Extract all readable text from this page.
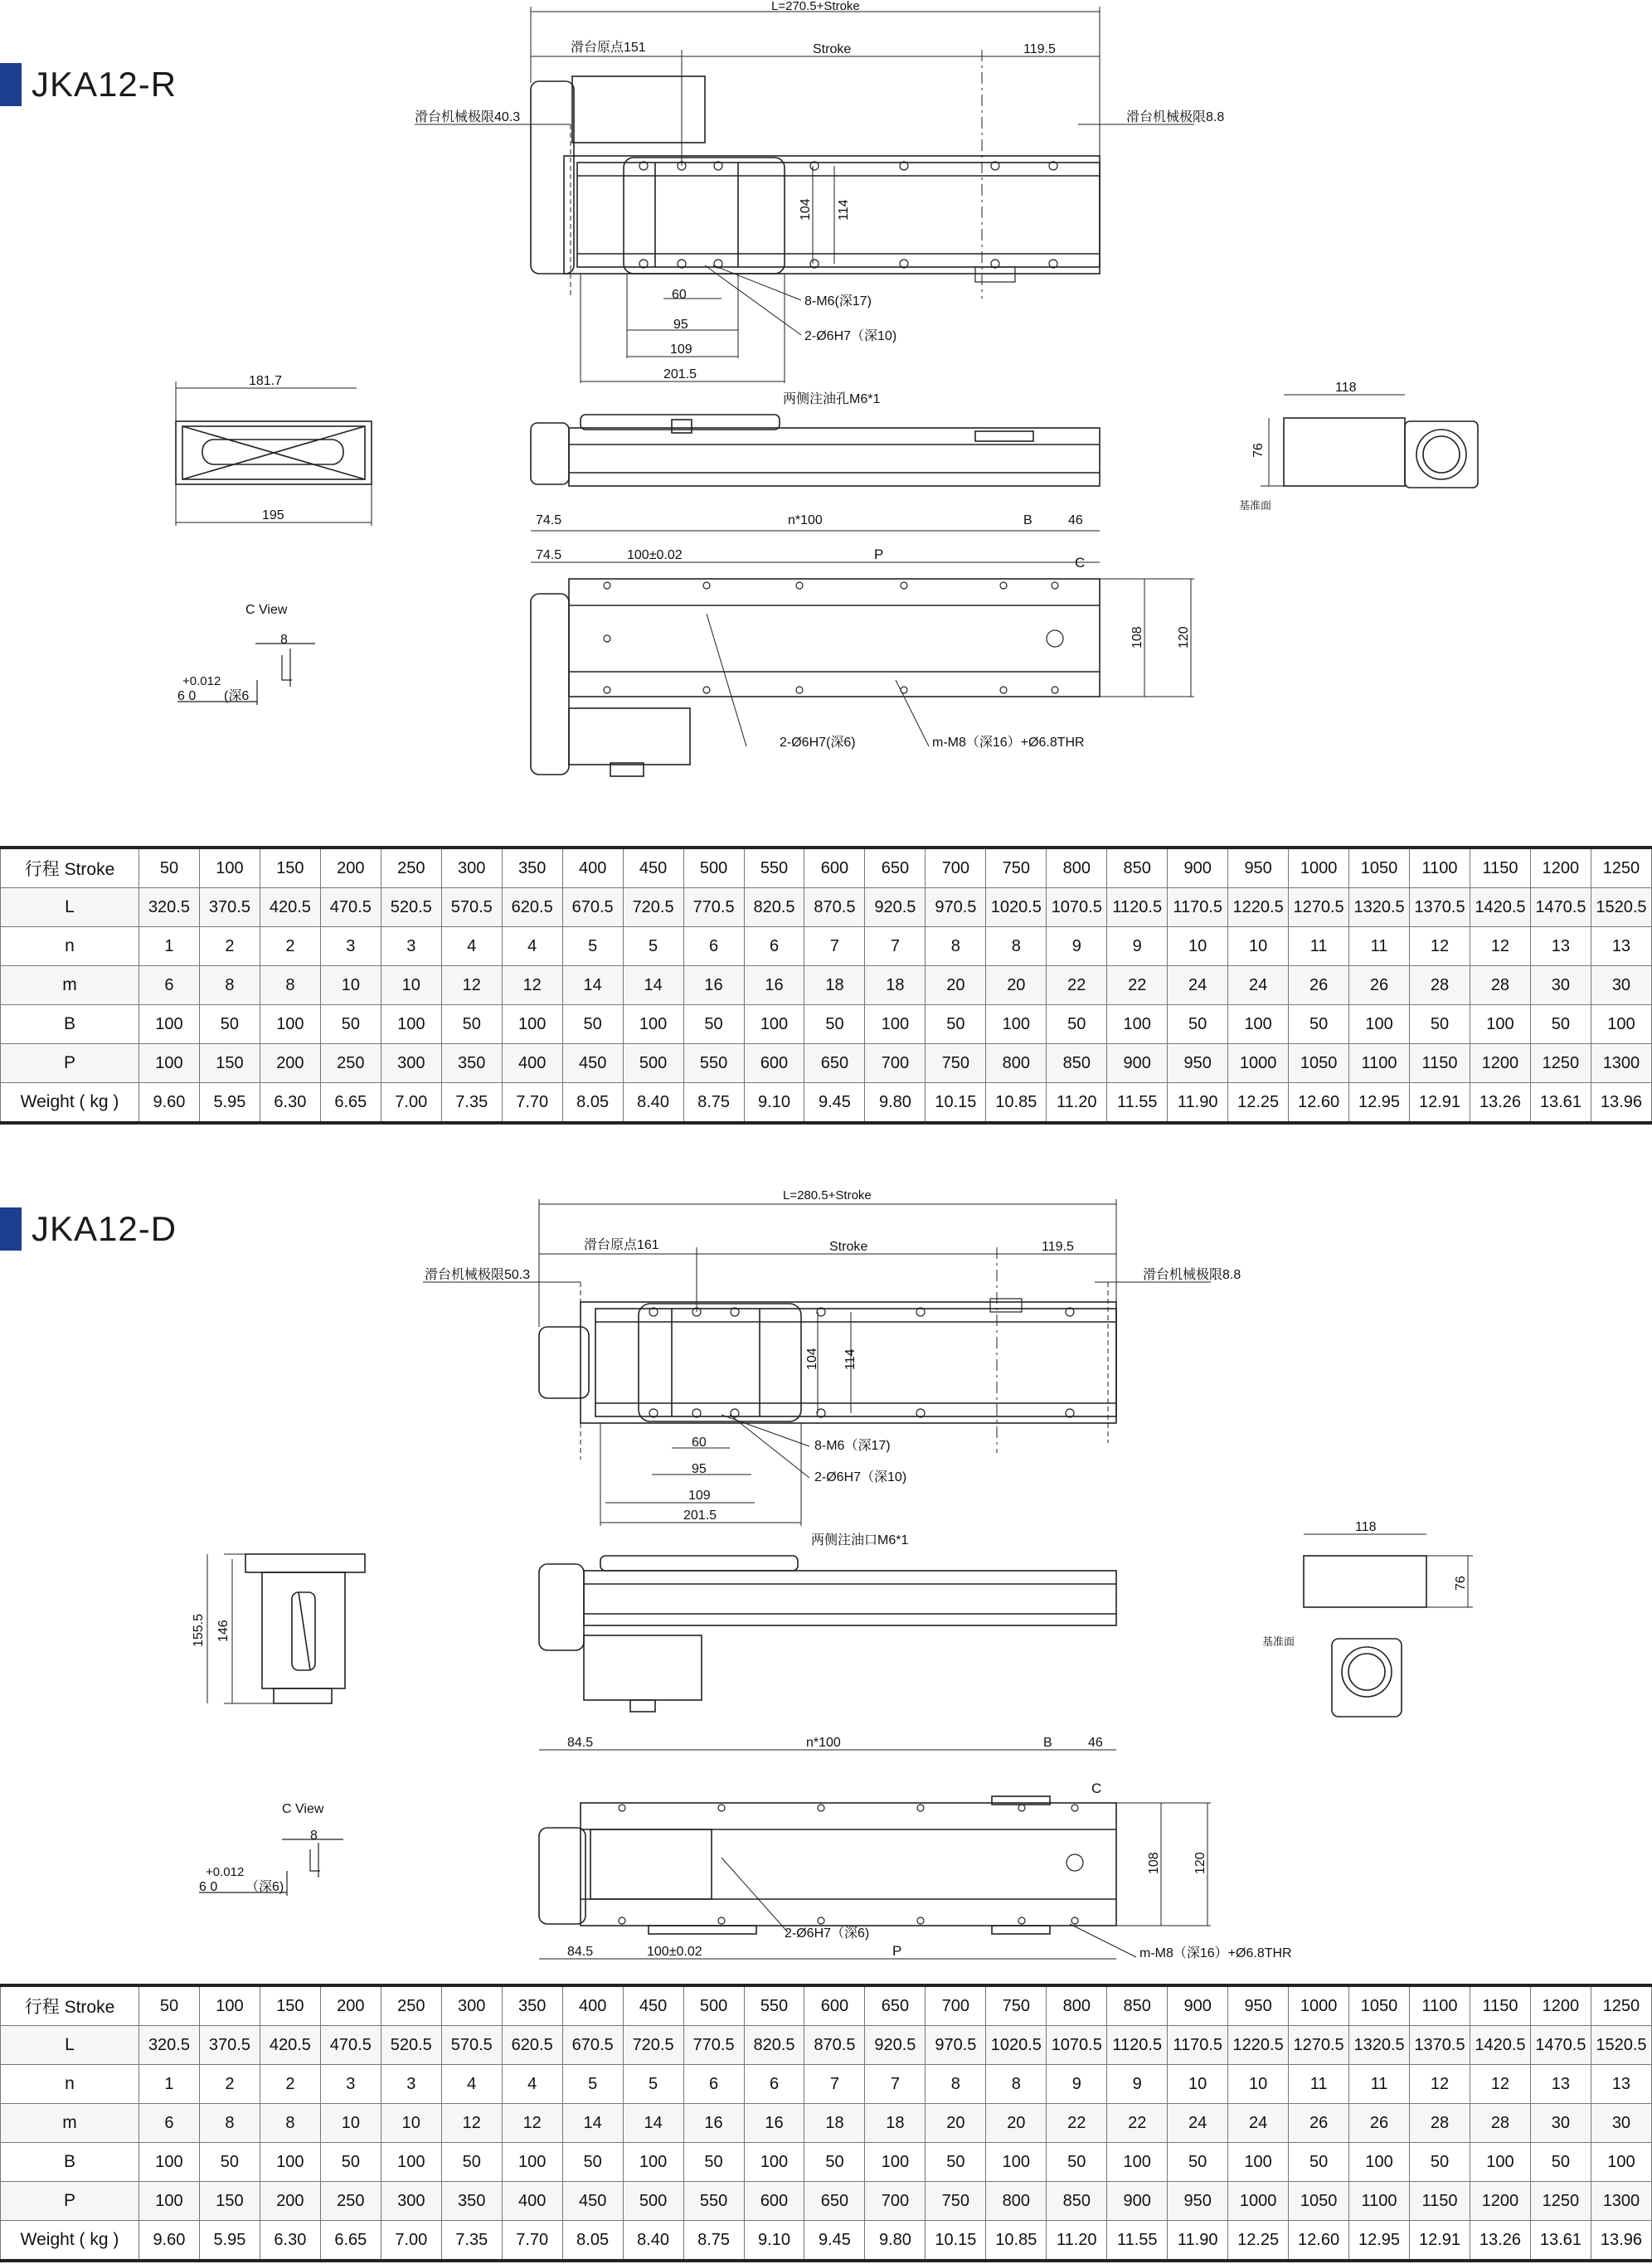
JKA12-R
L=270.5+Stroke
滑台原点151	Stroke	119.5
滑台机械极限40.3	滑台机械极限8.8
104 114
60
95
109
201.5
8-M6(深17)
2-Ø6H7（深10)
181.7
195
两侧注油孔M6*1
118
76
基准面
74.5
74.5
n*100	B	46
100±0.02	P
C
108 120
2-Ø6H7(深6)	m-M8（深16）+Ø6.8THR
C View
8
+0.012
6 0 (深6
行程 Stroke	50	100	150	200	250	300	350	400	450	500	550	600	650	700	750	800	850	900	950	1000	1050	1100	1150	1200	1250
L	320.5	370.5	420.5	470.5	520.5	570.5	620.5	670.5	720.5	770.5	820.5	870.5	920.5	970.5	1020.5	1070.5	1120.5	1170.5	1220.5	1270.5	1320.5	1370.5	1420.5	1470.5	1520.5
n	1	2	2	3	3	4	4	5	5	6	6	7	7	8	8	9	9	10	10	11	11	12	12	13	13
m	6	8	8	10	10	12	12	14	14	16	16	18	18	20	20	22	22	24	24	26	26	28	28	30	30
B	100	50	100	50	100	50	100	50	100	50	100	50	100	50	100	50	100	50	100	50	100	50	100	50	100
P	100	150	200	250	300	350	400	450	500	550	600	650	700	750	800	850	900	950	1000	1050	1100	1150	1200	1250	1300
Weight ( kg )	9.60	5.95	6.30	6.65	7.00	7.35	7.70	8.05	8.40	8.75	9.10	9.45	9.80	10.15	10.85	11.20	11.55	11.90	12.25	12.60	12.95	12.91	13.26	13.61	13.96
JKA12-D
L=280.5+Stroke
滑台原点161	Stroke	119.5
滑台机械极限50.3	滑台机械极限8.8
104 114
60
95
109
201.5
8-M6（深17)
2-Ø6H7（深10)
155.5 146
两侧注油口M6*1
118
76
基准面
84.5
84.5
n*100	B	46
100±0.02	P
C
108 120
2-Ø6H7（深6)
m-M8（深16）+Ø6.8THR
C View
8
+0.012
6 0 （深6)
行程 Stroke	50	100	150	200	250	300	350	400	450	500	550	600	650	700	750	800	850	900	950	1000	1050	1100	1150	1200	1250
L	320.5	370.5	420.5	470.5	520.5	570.5	620.5	670.5	720.5	770.5	820.5	870.5	920.5	970.5	1020.5	1070.5	1120.5	1170.5	1220.5	1270.5	1320.5	1370.5	1420.5	1470.5	1520.5
n	1	2	2	3	3	4	4	5	5	6	6	7	7	8	8	9	9	10	10	11	11	12	12	13	13
m	6	8	8	10	10	12	12	14	14	16	16	18	18	20	20	22	22	24	24	26	26	28	28	30	30
B	100	50	100	50	100	50	100	50	100	50	100	50	100	50	100	50	100	50	100	50	100	50	100	50	100
P	100	150	200	250	300	350	400	450	500	550	600	650	700	750	800	850	900	950	1000	1050	1100	1150	1200	1250	1300
Weight ( kg )	9.60	5.95	6.30	6.65	7.00	7.35	7.70	8.05	8.40	8.75	9.10	9.45	9.80	10.15	10.85	11.20	11.55	11.90	12.25	12.60	12.95	12.91	13.26	13.61	13.96
